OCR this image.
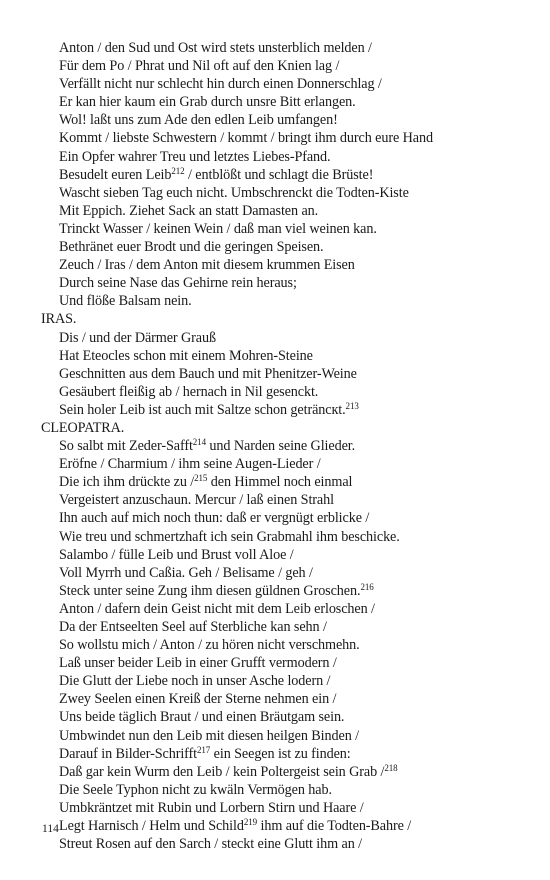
Anton / den Sud und Ost wird stets unsterblich melden /
Für dem Po / Phrat und Nil oft auf den Knien lag /
Verfällt nicht nur schlecht hin durch einen Donnerschlag /
Er kan hier kaum ein Grab durch unsre Bitt erlangen.
Wol! laßt uns zum Ade den edlen Leib umfangen!
Kommt / liebste Schwestern / kommt / bringt ihm durch eure Hand
Ein Opfer wahrer Treu und letztes Liebes-Pfand.
Besudelt euren Leib$^{212}$ / entblößt und schlagt die Brüste!
Wascht sieben Tag euch nicht. Umbschrenckt die Todten-Kiste
Mit Eppich. Ziehet Sack an statt Damasten an.
Trinckt Wasser / keinen Wein / daß man viel weinen kan.
Bethränet euer Brodt und die geringen Speisen.
Zeuch / Iras / dem Anton mit diesem krummen Eisen
Durch seine Nase das Gehirne rein heraus;
Und flöße Balsam nein.
IRAS.
Dis / und der Därmer Grauß
Hat Eteocles schon mit einem Mohren-Steine
Geschnitten aus dem Bauch und mit Phenitzer-Weine
Gesäubert fleißig ab / hernach in Nil gesenckt.
Sein holer Leib ist auch mit Saltze schon geträncкt.$^{213}$
CLEOPATRA.
So salbt mit Zeder-Safft$^{214}$ und Narden seine Glieder.
Eröfne / Charmium / ihm seine Augen-Lieder /
Die ich ihm drückte zu /$^{215}$ den Himmel noch einmal
Vergeistert anzuschaun. Mercur / laß einen Strahl
Ihn auch auf mich noch thun: daß er vergnügt erblicke /
Wie treu und schmertzhaft ich sein Grabmahl ihm beschicke.
Salambo / fülle Leib und Brust voll Aloe /
Voll Myrrh und Caßia. Geh / Belisame / geh /
Steck unter seine Zung ihm diesen güldnen Groschen.$^{216}$
Anton / dafern dein Geist nicht mit dem Leib erloschen /
Da der Entseelten Seel auf Sterbliche kan sehn /
So wollstu mich / Anton / zu hören nicht verschmehn.
Laß unser beider Leib in einer Grufft vermodern /
Die Glutt der Liebe noch in unser Asche lodern /
Zwey Seelen einen Kreiß der Sterne nehmen ein /
Uns beide täglich Braut / und einen Bräutgam sein.
Umbwindet nun den Leib mit diesen heilgen Binden /
Darauf in Bilder-Schrifft$^{217}$ ein Seegen ist zu finden:
Daß gar kein Wurm den Leib / kein Poltergeist sein Grab /$^{218}$
Die Seele Typhon nicht zu kwäln Vermögen hab.
Umbkräntzet mit Rubin und Lorbern Stirn und Haare /
Legt Harnisch / Helm und Schild$^{219}$ ihm auf die Todten-Bahre /
Streut Rosen auf den Sarch / steckt eine Glutt ihm an /
114
